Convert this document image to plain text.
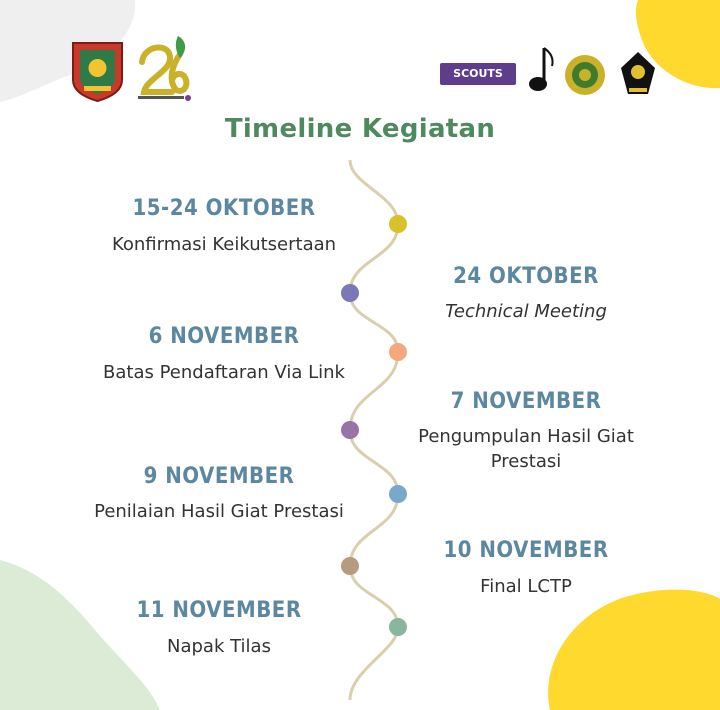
SCOUTS
Timeline Kegiatan
15-24 OKTOBER
Konfirmasi Keikutsertaan
24 OKTOBER
Technical Meeting
6 NOVEMBER
Batas Pendaftaran Via Link
7 NOVEMBER
Pengumpulan Hasil Giat Prestasi
9 NOVEMBER
Penilaian Hasil Giat Prestasi
10 NOVEMBER
Final LCTP
11 NOVEMBER
Napak Tilas
